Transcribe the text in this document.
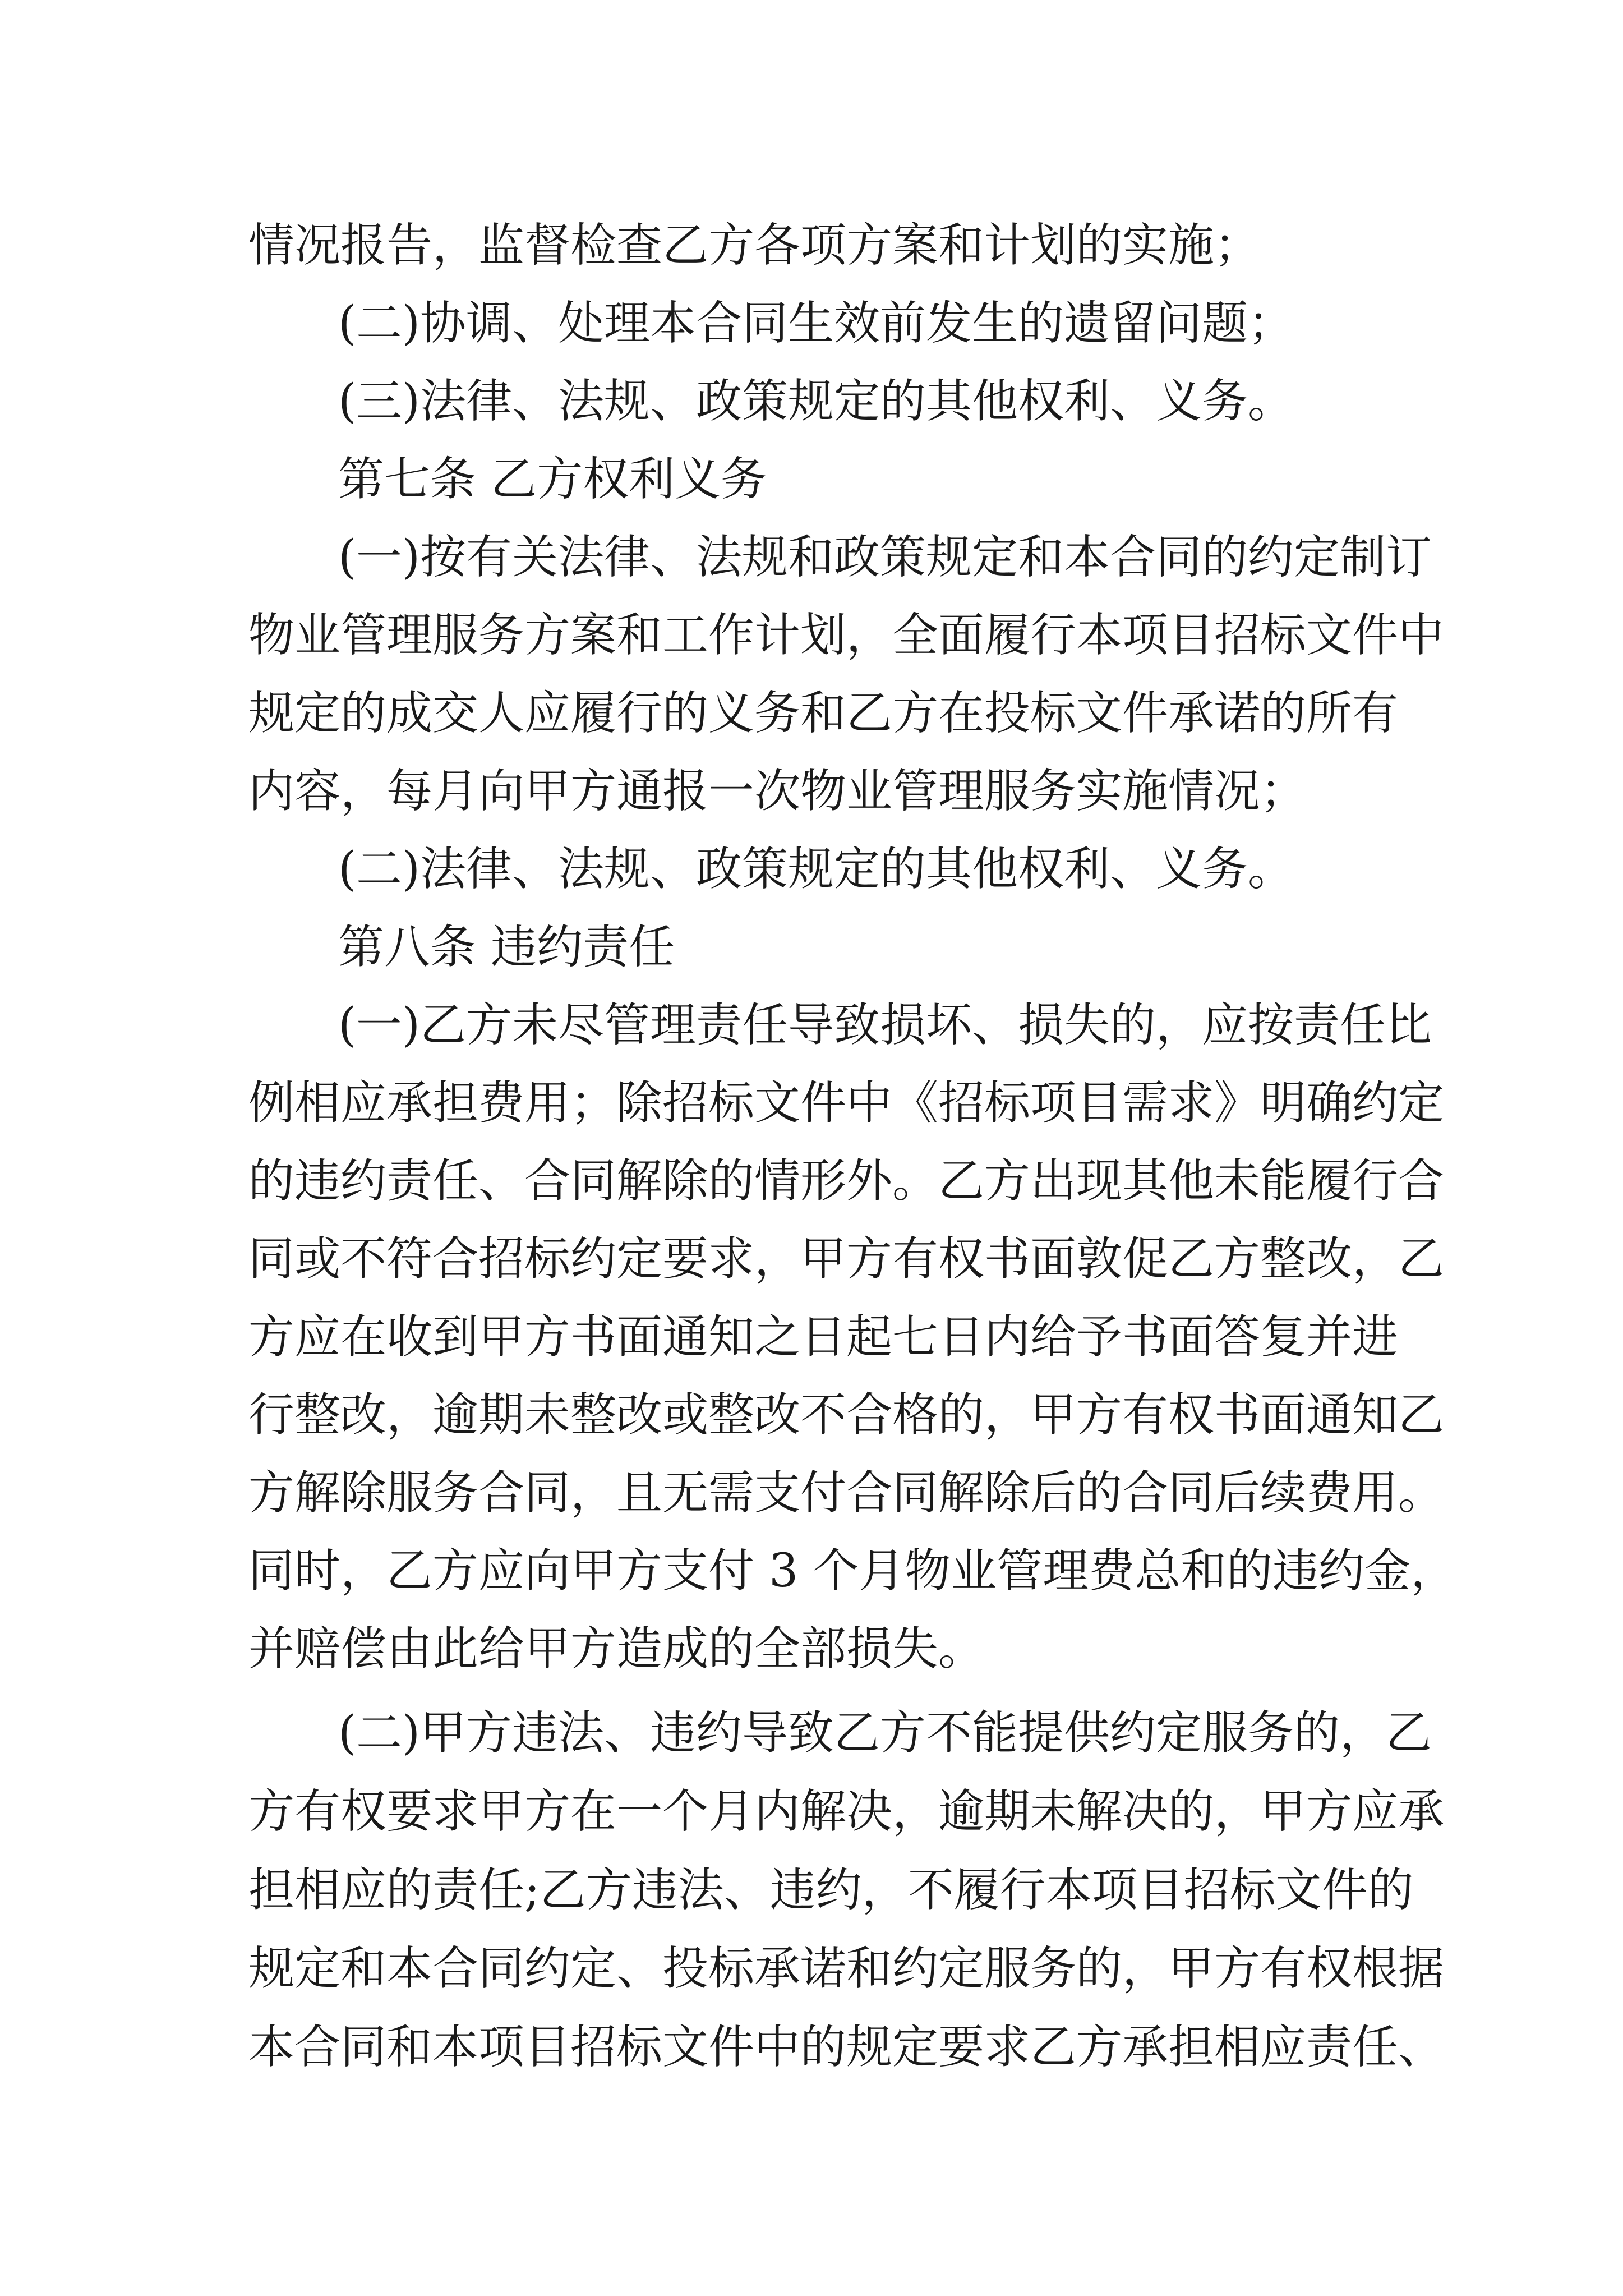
情况报告，监督检查乙方各项方案和计划的实施；

(二)协调、处理本合同生效前发生的遗留问题；

(三)法律、法规、政策规定的其他权利、义务。

第七条 乙方权利义务

(一)按有关法律、法规和政策规定和本合同的约定制订

物业管理服务方案和工作计划，全面履行本项目招标文件中

规定的成交人应履行的义务和乙方在投标文件承诺的所有

内容，每月向甲方通报一次物业管理服务实施情况；

(二)法律、法规、政策规定的其他权利、义务。

第八条 违约责任

(一)乙方未尽管理责任导致损坏、损失的，应按责任比

例相应承担费用；除招标文件中《招标项目需求》明确约定

的违约责任、合同解除的情形外。乙方出现其他未能履行合

同或不符合招标约定要求，甲方有权书面敦促乙方整改，乙

方应在收到甲方书面通知之日起七日内给予书面答复并进

行整改，逾期未整改或整改不合格的，甲方有权书面通知乙

方解除服务合同，且无需支付合同解除后的合同后续费用。

同时，乙方应向甲方支付 3 个月物业管理费总和的违约金，

并赔偿由此给甲方造成的全部损失。

(二)甲方违法、违约导致乙方不能提供约定服务的，乙

方有权要求甲方在一个月内解决，逾期未解决的，甲方应承

担相应的责任;乙方违法、违约，不履行本项目招标文件的

规定和本合同约定、投标承诺和约定服务的，甲方有权根据

本合同和本项目招标文件中的规定要求乙方承担相应责任、
